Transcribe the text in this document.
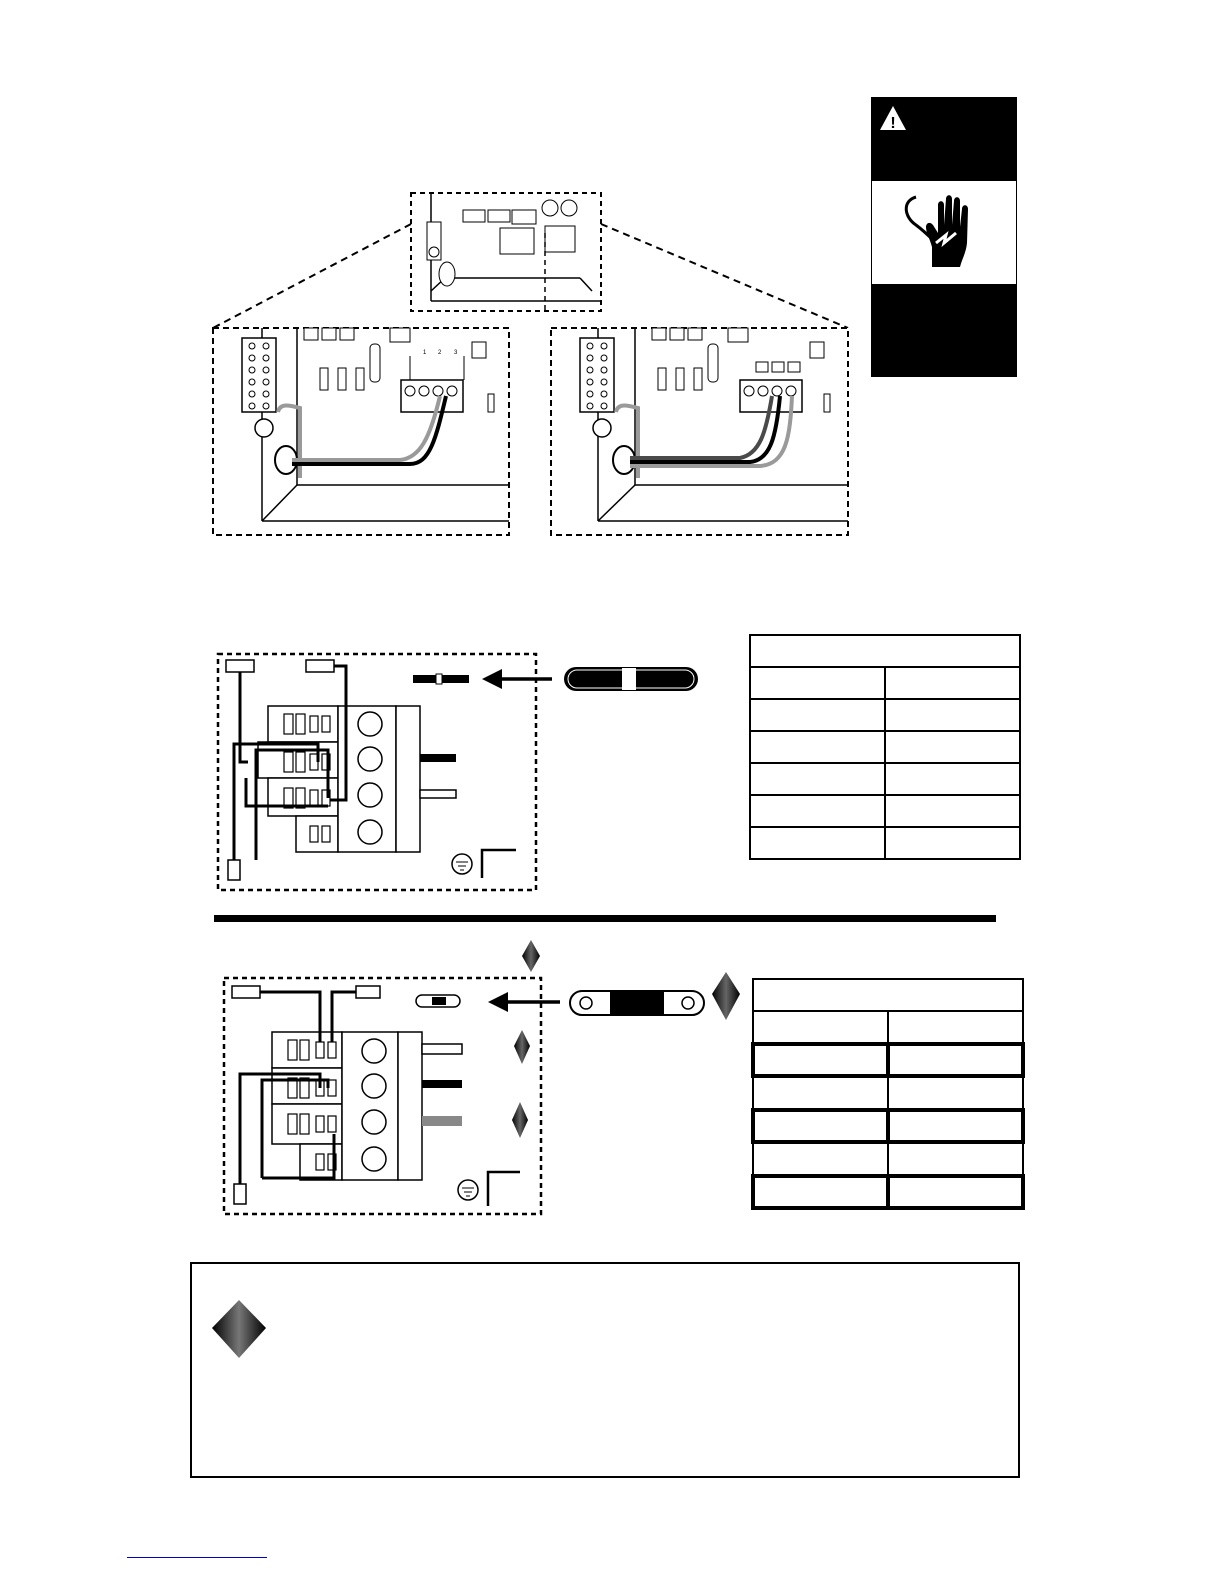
!
1 2 3
